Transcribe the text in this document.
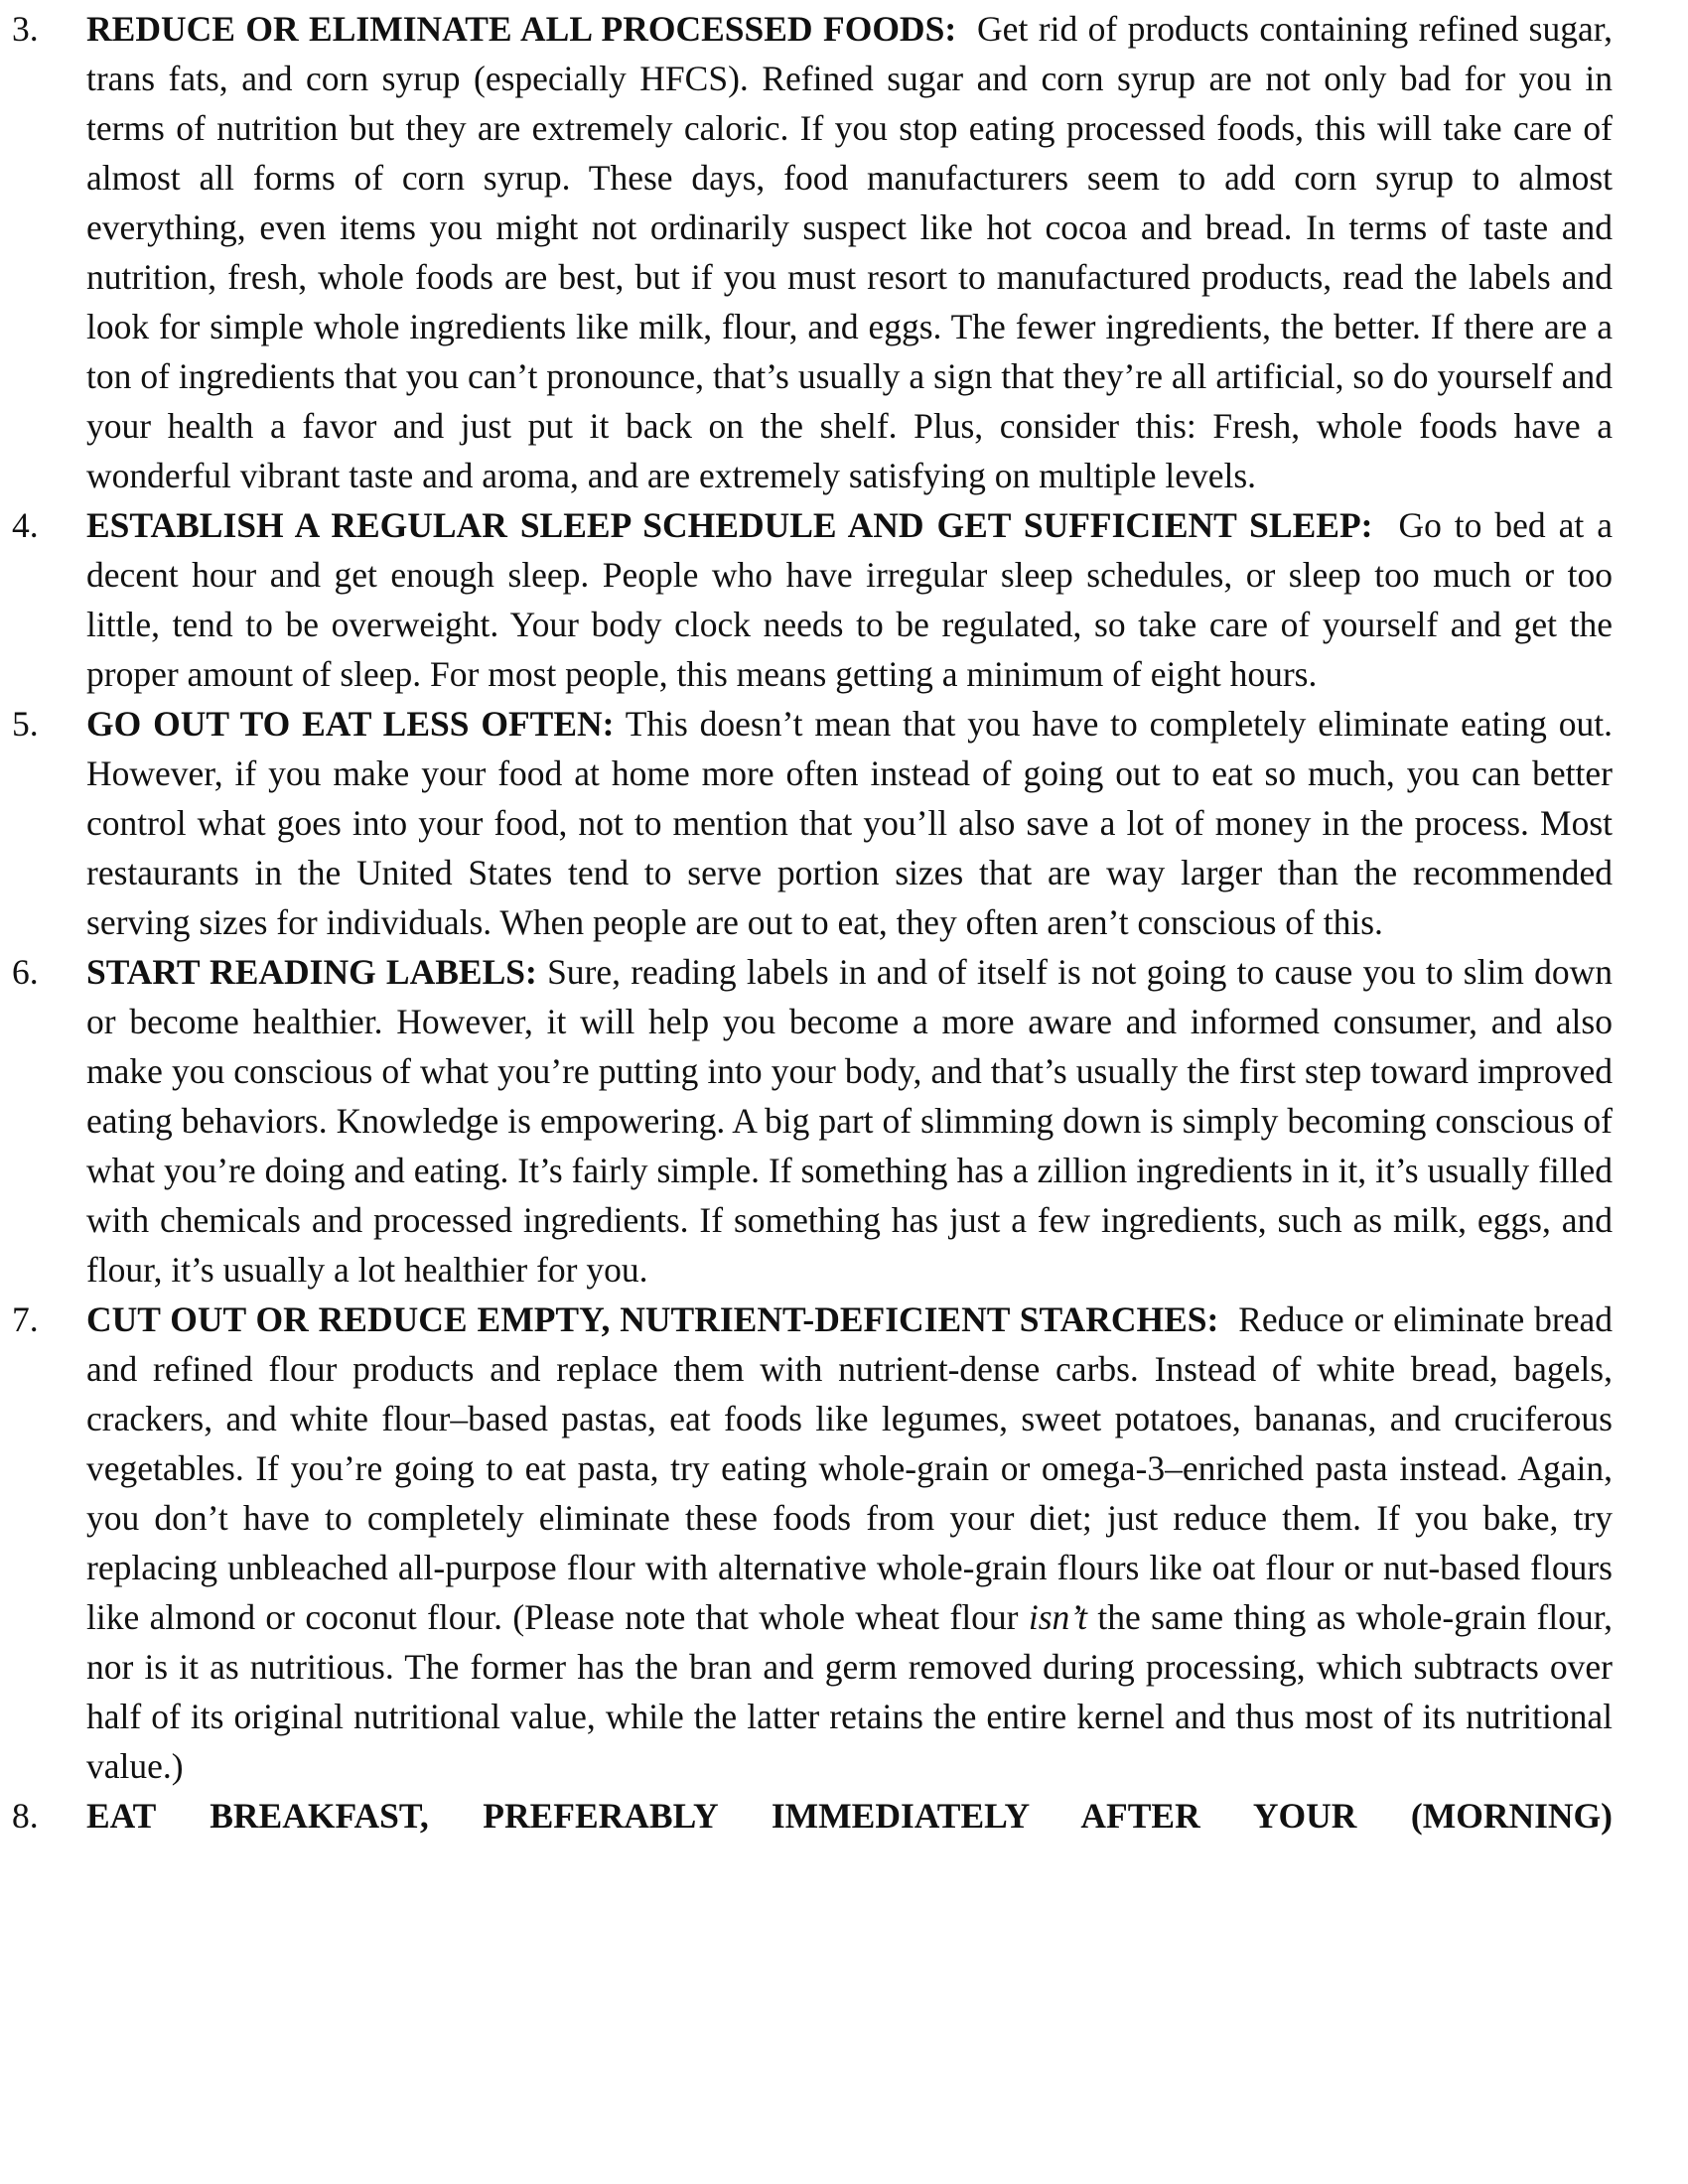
3. REDUCE OR ELIMINATE ALL PROCESSED FOODS: Get rid of products containing refined sugar, trans fats, and corn syrup (especially HFCS). Refined sugar and corn syrup are not only bad for you in terms of nutrition but they are extremely caloric. If you stop eating processed foods, this will take care of almost all forms of corn syrup. These days, food manufacturers seem to add corn syrup to almost everything, even items you might not ordinarily suspect like hot cocoa and bread. In terms of taste and nutrition, fresh, whole foods are best, but if you must resort to manufactured products, read the labels and look for simple whole ingredients like milk, flour, and eggs. The fewer ingredients, the better. If there are a ton of ingredients that you can’t pronounce, that’s usually a sign that they’re all artificial, so do yourself and your health a favor and just put it back on the shelf. Plus, consider this: Fresh, whole foods have a wonderful vibrant taste and aroma, and are extremely satisfying on multiple levels.
4. ESTABLISH A REGULAR SLEEP SCHEDULE AND GET SUFFICIENT SLEEP: Go to bed at a decent hour and get enough sleep. People who have irregular sleep schedules, or sleep too much or too little, tend to be overweight. Your body clock needs to be regulated, so take care of yourself and get the proper amount of sleep. For most people, this means getting a minimum of eight hours.
5. GO OUT TO EAT LESS OFTEN: This doesn’t mean that you have to completely eliminate eating out. However, if you make your food at home more often instead of going out to eat so much, you can better control what goes into your food, not to mention that you’ll also save a lot of money in the process. Most restaurants in the United States tend to serve portion sizes that are way larger than the recommended serving sizes for individuals. When people are out to eat, they often aren’t conscious of this.
6. START READING LABELS: Sure, reading labels in and of itself is not going to cause you to slim down or become healthier. However, it will help you become a more aware and informed consumer, and also make you conscious of what you’re putting into your body, and that’s usually the first step toward improved eating behaviors. Knowledge is empowering. A big part of slimming down is simply becoming conscious of what you’re doing and eating. It’s fairly simple. If something has a zillion ingredients in it, it’s usually filled with chemicals and processed ingredients. If something has just a few ingredients, such as milk, eggs, and flour, it’s usually a lot healthier for you.
7. CUT OUT OR REDUCE EMPTY, NUTRIENT-DEFICIENT STARCHES: Reduce or eliminate bread and refined flour products and replace them with nutrient-dense carbs. Instead of white bread, bagels, crackers, and white flour–based pastas, eat foods like legumes, sweet potatoes, bananas, and cruciferous vegetables. If you’re going to eat pasta, try eating whole-grain or omega-3–enriched pasta instead. Again, you don’t have to completely eliminate these foods from your diet; just reduce them. If you bake, try replacing unbleached all-purpose flour with alternative whole-grain flours like oat flour or nut-based flours like almond or coconut flour. (Please note that whole wheat flour isn’t the same thing as whole-grain flour, nor is it as nutritious. The former has the bran and germ removed during processing, which subtracts over half of its original nutritional value, while the latter retains the entire kernel and thus most of its nutritional value.)
8. EAT BREAKFAST, PREFERABLY IMMEDIATELY AFTER YOUR (MORNING)
